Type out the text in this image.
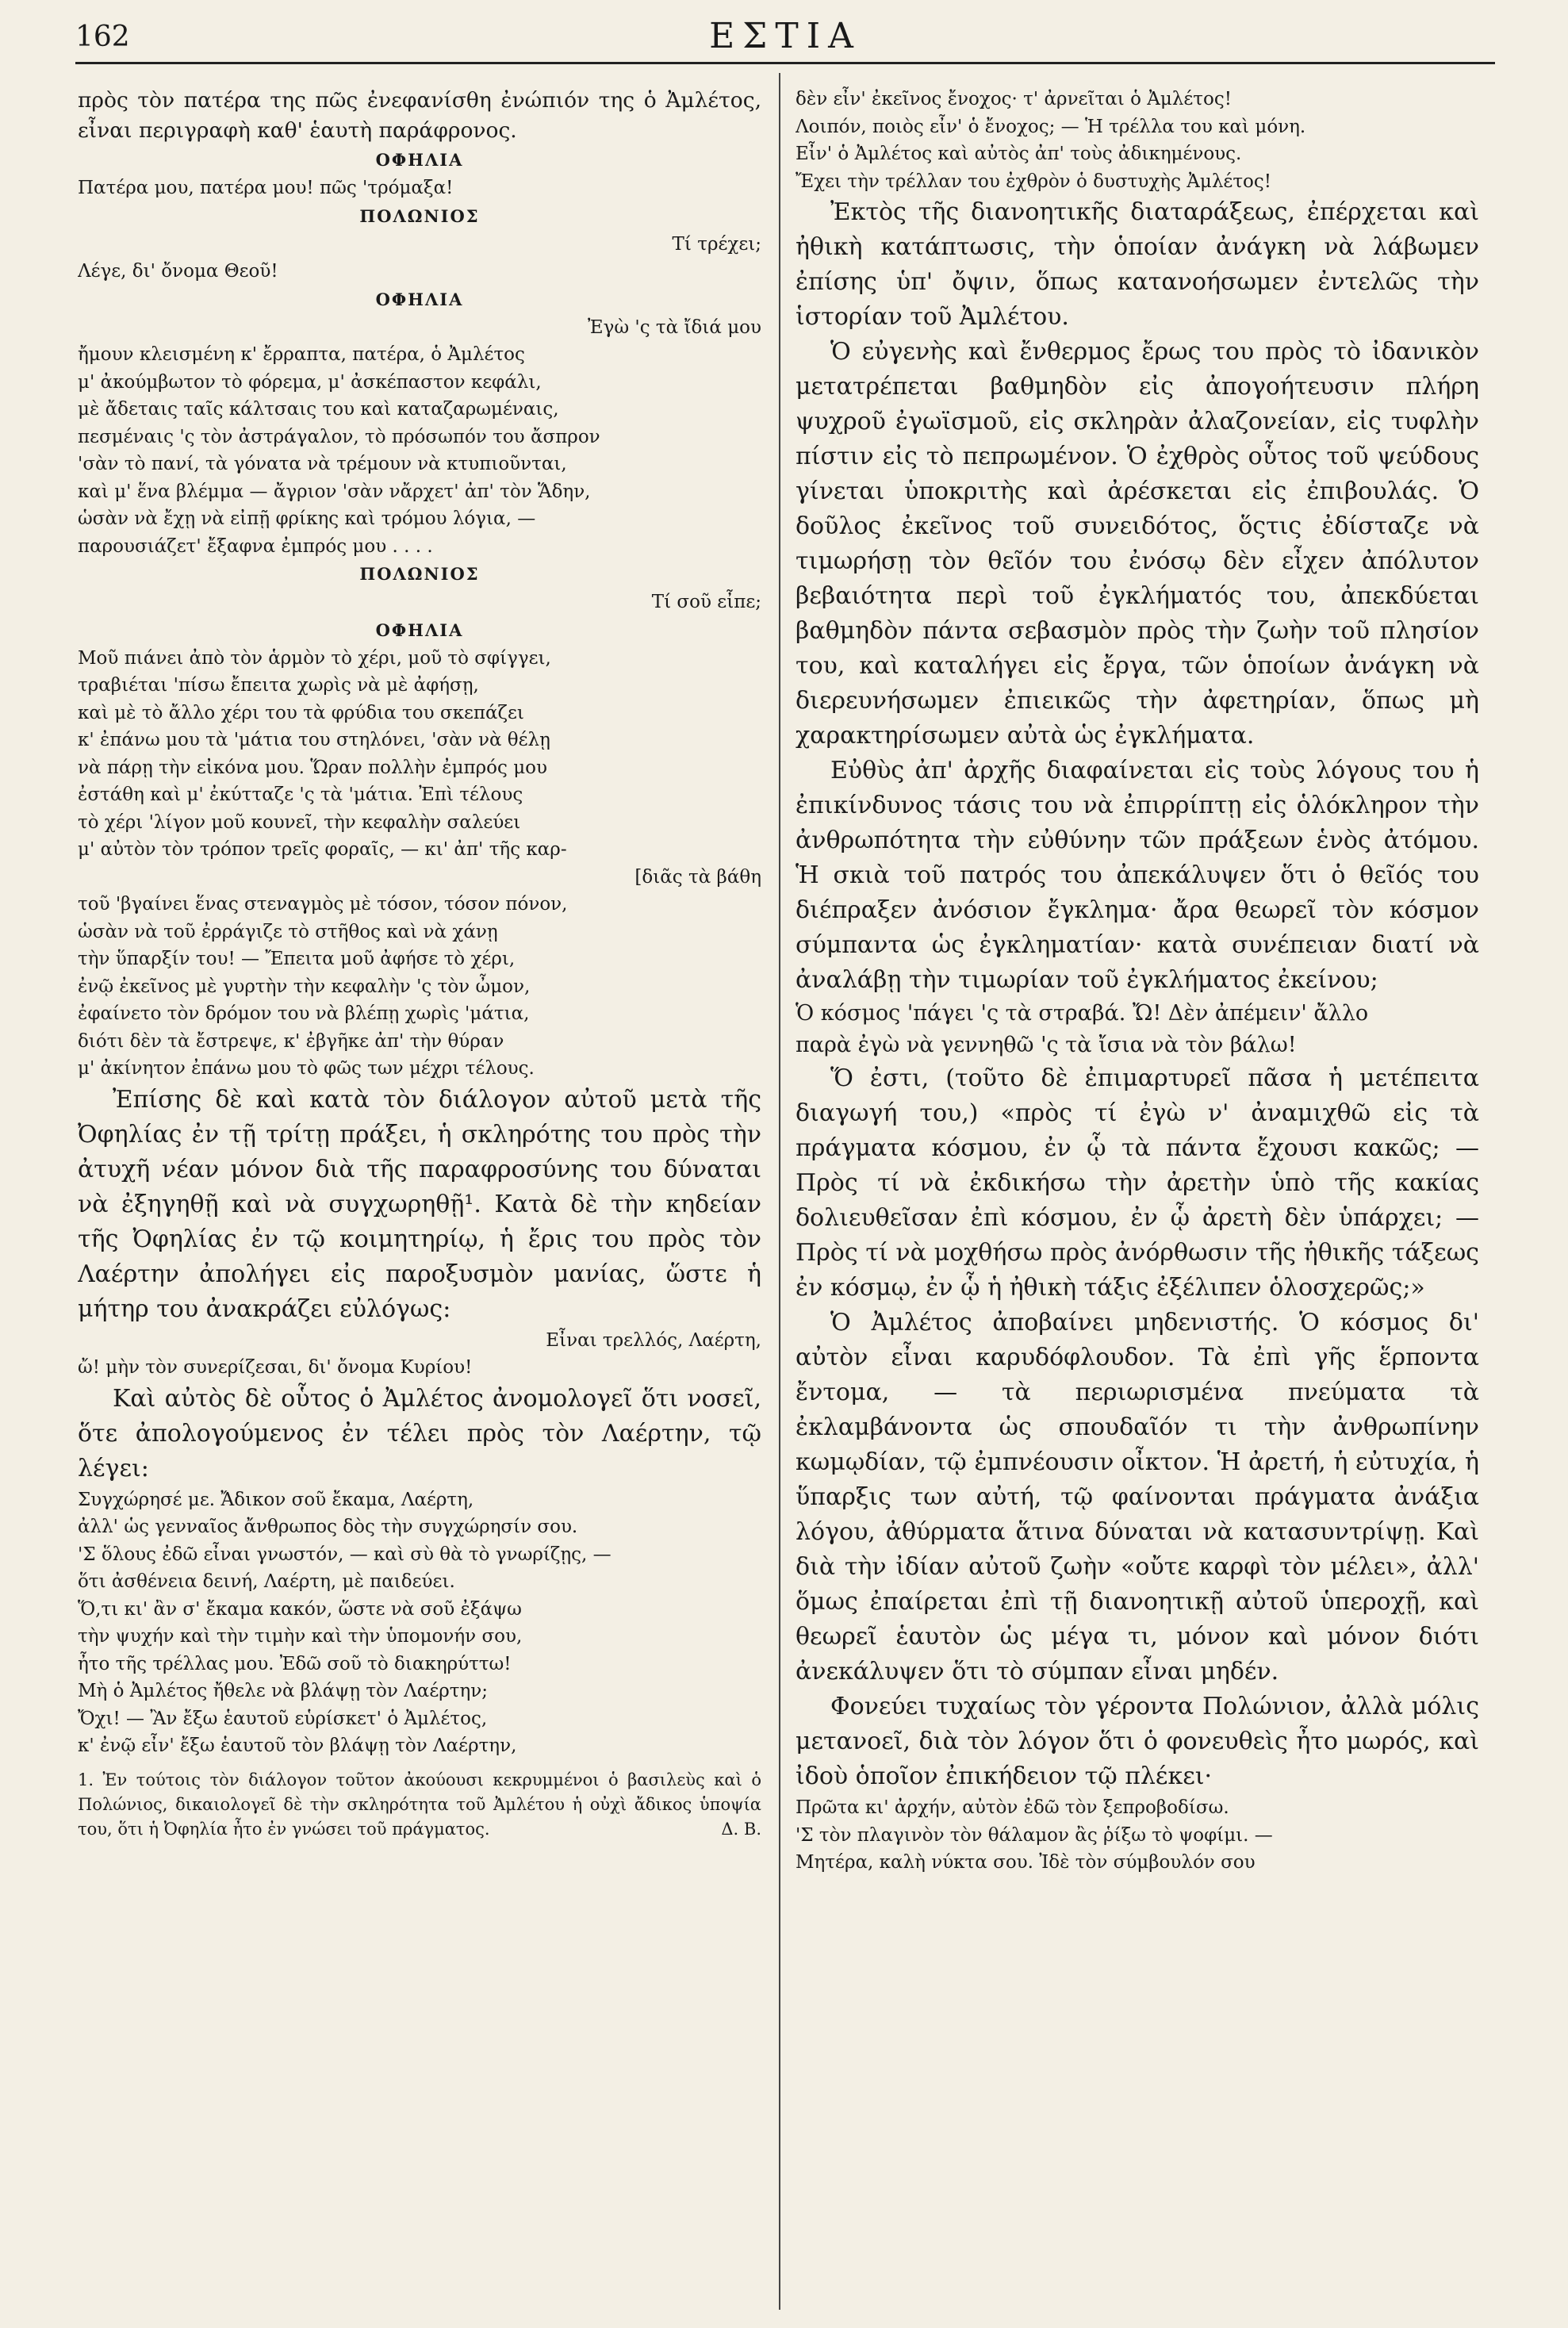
162	ΕΣΤΙΑ

πρὸς τὸν πατέρα της πῶς ἐνεφανίσθη ἐνώπιόν της ὁ Ἀμλέτος, εἶναι περιγραφὴ καθ' ἑαυτὴ παράφρονος.

ΟΦΗΛΙΑ

Πατέρα μου, πατέρα μου! πῶς 'τρόμαξα!

ΠΟΛΩΝΙΟΣ

Τί τρέχει;

Λέγε, δι' ὄνομα Θεοῦ!

ΟΦΗΛΙΑ
Ἐγὼ 'ς τὰ ἴδιά μου
ἤμουν κλεισμένη κ' ἔρραπτα, πατέρα, ὁ Ἀμλέτος
μ' ἀκούμβωτον τὸ φόρεμα, μ' ἀσκέπαστον κεφάλι,
μὲ ἄδεταις ταῖς κάλτσαις του καὶ καταζαρωμέναις,
πεσμέναις 'ς τὸν ἀστράγαλον, τὸ πρόσωπόν του ἄσπρον
'σὰν τὸ πανί, τὰ γόνατα νὰ τρέμουν νὰ κτυπιοῦνται,
καὶ μ' ἕνα βλέμμα — ἄγριον 'σὰν νἄρχετ' ἀπ' τὸν Ἅδην,
ὡσὰν νὰ ἔχῃ νὰ εἰπῇ φρίκης καὶ τρόμου λόγια, —
παρουσιάζετ' ἔξαφνα ἐμπρός μου . . . .
ΠΟΛΩΝΙΟΣ

Τί σοῦ εἶπε;

ΟΦΗΛΙΑ
Μοῦ πιάνει ἀπὸ τὸν ἁρμὸν τὸ χέρι, μοῦ τὸ σφίγγει,
τραβιέται 'πίσω ἔπειτα χωρὶς νὰ μὲ ἀφήσῃ,
καὶ μὲ τὸ ἄλλο χέρι του τὰ φρύδια του σκεπάζει
κ' ἐπάνω μου τὰ 'μάτια του στηλόνει, 'σὰν νὰ θέλῃ
νὰ πάρῃ τὴν εἰκόνα μου. Ὥραν πολλὴν ἐμπρός μου
ἐστάθη καὶ μ' ἐκύτταζε 'ς τὰ 'μάτια. Ἐπὶ τέλους
τὸ χέρι 'λίγον μοῦ κουνεῖ, τὴν κεφαλὴν σαλεύει
μ' αὐτὸν τὸν τρόπον τρεῖς φοραῖς, — κι' ἀπ' τῆς καρ-
[διᾶς τὰ βάθη
τοῦ 'βγαίνει ἕνας στεναγμὸς μὲ τόσον, τόσον πόνον,
ὡσὰν νὰ τοῦ ἐρράγιζε τὸ στῆθος καὶ νὰ χάνῃ
τὴν ὕπαρξίν του! — Ἔπειτα μοῦ ἀφήσε τὸ χέρι,
ἐνῷ ἐκεῖνος μὲ γυρτὴν τὴν κεφαλὴν 'ς τὸν ὦμον,
ἐφαίνετο τὸν δρόμον του νὰ βλέπῃ χωρὶς 'μάτια,
διότι δὲν τὰ ἔστρεψε, κ' ἐβγῆκε ἀπ' τὴν θύραν
μ' ἀκίνητον ἐπάνω μου τὸ φῶς των μέχρι τέλους.

Ἐπίσης δὲ καὶ κατὰ τὸν διάλογον αὐτοῦ μετὰ τῆς Ὀφηλίας ἐν τῇ τρίτῃ πράξει, ἡ σκληρότης του πρὸς τὴν ἀτυχῆ νέαν μόνον διὰ τῆς παραφροσύνης του δύναται νὰ ἐξηγηθῇ καὶ νὰ συγχωρηθῇ¹. Κατὰ δὲ τὴν κηδείαν τῆς Ὀφηλίας ἐν τῷ κοιμητηρίῳ, ἡ ἔρις του πρὸς τὸν Λαέρτην ἀπολήγει εἰς παροξυσμὸν μανίας, ὥστε ἡ μήτηρ του ἀνακράζει εὐλόγως:

Εἶναι τρελλός, Λαέρτη,

ὤ! μὴν τὸν συνερίζεσαι, δι' ὄνομα Κυρίου!

Καὶ αὐτὸς δὲ οὗτος ὁ Ἀμλέτος ἀνομολογεῖ ὅτι νοσεῖ, ὅτε ἀπολογούμενος ἐν τέλει πρὸς τὸν Λαέρτην, τῷ λέγει:

Συγχώρησέ με. Ἄδικον σοῦ ἔκαμα, Λαέρτη,
ἀλλ' ὡς γενναῖος ἄνθρωπος δὸς τὴν συγχώρησίν σου.
'Σ ὅλους ἐδῶ εἶναι γνωστόν, — καὶ σὺ θὰ τὸ γνωρίζῃς, —
ὅτι ἀσθένεια δεινή, Λαέρτη, μὲ παιδεύει.
Ὅ,τι κι' ἂν σ' ἔκαμα κακόν, ὥστε νὰ σοῦ ἐξάψω
τὴν ψυχήν καὶ τὴν τιμὴν καὶ τὴν ὑπομονήν σου,
ἦτο τῆς τρέλλας μου. Ἐδῶ σοῦ τὸ διακηρύττω!
Μὴ ὁ Ἀμλέτος ἤθελε νὰ βλάψῃ τὸν Λαέρτην;
Ὄχι! — Ἂν ἔξω ἑαυτοῦ εὑρίσκετ' ὁ Ἀμλέτος,
κ' ἐνῷ εἶν' ἔξω ἑαυτοῦ τὸν βλάψῃ τὸν Λαέρτην,
1. Ἐν τούτοις τὸν διάλογον τοῦτον ἀκούουσι κεκρυμμένοι ὁ βασιλεὺς καὶ ὁ Πολώνιος, δικαιολογεῖ δὲ τὴν σκληρότητα τοῦ Ἀμλέτου ἡ οὐχὶ ἄδικος ὑποψία του, ὅτι ἡ Ὀφηλία ἦτο ἐν γνώσει τοῦ πράγματος.	Δ. Β.
δὲν εἶν' ἐκεῖνος ἔνοχος· τ' ἀρνεῖται ὁ Ἀμλέτος!
Λοιπόν, ποιὸς εἶν' ὁ ἔνοχος; — Ἡ τρέλλα του καὶ μόνη.
Εἶν' ὁ Ἀμλέτος καὶ αὐτὸς ἀπ' τοὺς ἀδικημένους.
Ἔχει τὴν τρέλλαν του ἐχθρὸν ὁ δυστυχὴς Ἀμλέτος!

Ἐκτὸς τῆς διανοητικῆς διαταράξεως, ἐπέρχεται καὶ ἠθικὴ κατάπτωσις, τὴν ὁποίαν ἀνάγκη νὰ λάβωμεν ἐπίσης ὑπ' ὄψιν, ὅπως κατανοήσωμεν ἐντελῶς τὴν ἱστορίαν τοῦ Ἀμλέτου.

Ὁ εὐγενὴς καὶ ἔνθερμος ἔρως του πρὸς τὸ ἰδανικὸν μετατρέπεται βαθμηδὸν εἰς ἀπογοήτευσιν πλήρη ψυχροῦ ἐγωϊσμοῦ, εἰς σκληρὰν ἀλαζονείαν, εἰς τυφλὴν πίστιν εἰς τὸ πεπρωμένον. Ὁ ἐχθρὸς οὗτος τοῦ ψεύδους γίνεται ὑποκριτὴς καὶ ἀρέσκεται εἰς ἐπιβουλάς. Ὁ δοῦλος ἐκεῖνος τοῦ συνειδότος, ὅςτις ἐδίσταζε νὰ τιμωρήσῃ τὸν θεῖόν του ἐνόσῳ δὲν εἶχεν ἀπόλυτον βεβαιότητα περὶ τοῦ ἐγκλήματός του, ἀπεκδύεται βαθμηδὸν πάντα σεβασμὸν πρὸς τὴν ζωὴν τοῦ πλησίον του, καὶ καταλήγει εἰς ἔργα, τῶν ὁποίων ἀνάγκη νὰ διερευνήσωμεν ἐπιεικῶς τὴν ἀφετηρίαν, ὅπως μὴ χαρακτηρίσωμεν αὐτὰ ὡς ἐγκλήματα.

Εὐθὺς ἀπ' ἀρχῆς διαφαίνεται εἰς τοὺς λόγους του ἡ ἐπικίνδυνος τάσις του νὰ ἐπιρρίπτῃ εἰς ὁλόκληρον τὴν ἀνθρωπότητα τὴν εὐθύνην τῶν πράξεων ἑνὸς ἀτόμου. Ἡ σκιὰ τοῦ πατρός του ἀπεκάλυψεν ὅτι ὁ θεῖός του διέπραξεν ἀνόσιον ἔγκλημα· ἄρα θεωρεῖ τὸν κόσμον σύμπαντα ὡς ἐγκληματίαν· κατὰ συνέπειαν διατί νὰ ἀναλάβῃ τὴν τιμωρίαν τοῦ ἐγκλήματος ἐκείνου;

Ὁ κόσμος 'πάγει 'ς τὰ στραβά. Ὤ! Δὲν ἀπέμειν' ἄλλο
παρὰ ἐγὼ νὰ γεννηθῶ 'ς τὰ ἴσια νὰ τὸν βάλω!

Ὅ ἐστι, (τοῦτο δὲ ἐπιμαρτυρεῖ πᾶσα ἡ μετέπειτα διαγωγή του,) «πρὸς τί ἐγὼ ν' ἀναμιχθῶ εἰς τὰ πράγματα κόσμου, ἐν ᾧ τὰ πάντα ἔχουσι κακῶς; — Πρὸς τί νὰ ἐκδικήσω τὴν ἀρετὴν ὑπὸ τῆς κακίας δολιευθεῖσαν ἐπὶ κόσμου, ἐν ᾧ ἀρετὴ δὲν ὑπάρχει; — Πρὸς τί νὰ μοχθήσω πρὸς ἀνόρθωσιν τῆς ἠθικῆς τάξεως ἐν κόσμῳ, ἐν ᾧ ἡ ἠθικὴ τάξις ἐξέλιπεν ὁλοσχερῶς;»

Ὁ Ἀμλέτος ἀποβαίνει μηδενιστής. Ὁ κόσμος δι' αὐτὸν εἶναι καρυδόφλουδον. Τὰ ἐπὶ γῆς ἕρποντα ἔντομα, — τὰ περιωρισμένα πνεύματα τὰ ἐκλαμβάνοντα ὡς σπουδαῖόν τι τὴν ἀνθρωπίνην κωμῳδίαν, τῷ ἐμπνέουσιν οἶκτον. Ἡ ἀρετή, ἡ εὐτυχία, ἡ ὕπαρξις των αὐτή, τῷ φαίνονται πράγματα ἀνάξια λόγου, ἀθύρματα ἅτινα δύναται νὰ κατασυντρίψῃ. Καὶ διὰ τὴν ἰδίαν αὐτοῦ ζωὴν «οὔτε καρφὶ τὸν μέλει», ἀλλ' ὅμως ἐπαίρεται ἐπὶ τῇ διανοητικῇ αὐτοῦ ὑπεροχῇ, καὶ θεωρεῖ ἑαυτὸν ὡς μέγα τι, μόνον καὶ μόνον διότι ἀνεκάλυψεν ὅτι τὸ σύμπαν εἶναι μηδέν.

Φονεύει τυχαίως τὸν γέροντα Πολώνιον, ἀλλὰ μόλις μετανοεῖ, διὰ τὸν λόγον ὅτι ὁ φονευθεὶς ἦτο μωρός, καὶ ἰδοὺ ὁποῖον ἐπικήδειον τῷ πλέκει·

Πρῶτα κι' ἀρχήν, αὐτὸν ἐδῶ τὸν ξεπροβοδίσω.
'Σ τὸν πλαγινὸν τὸν θάλαμον ἂς ῥίξω τὸ ψοφίμι. —
Μητέρα, καλὴ νύκτα σου. Ἰδὲ τὸν σύμβουλόν σου
